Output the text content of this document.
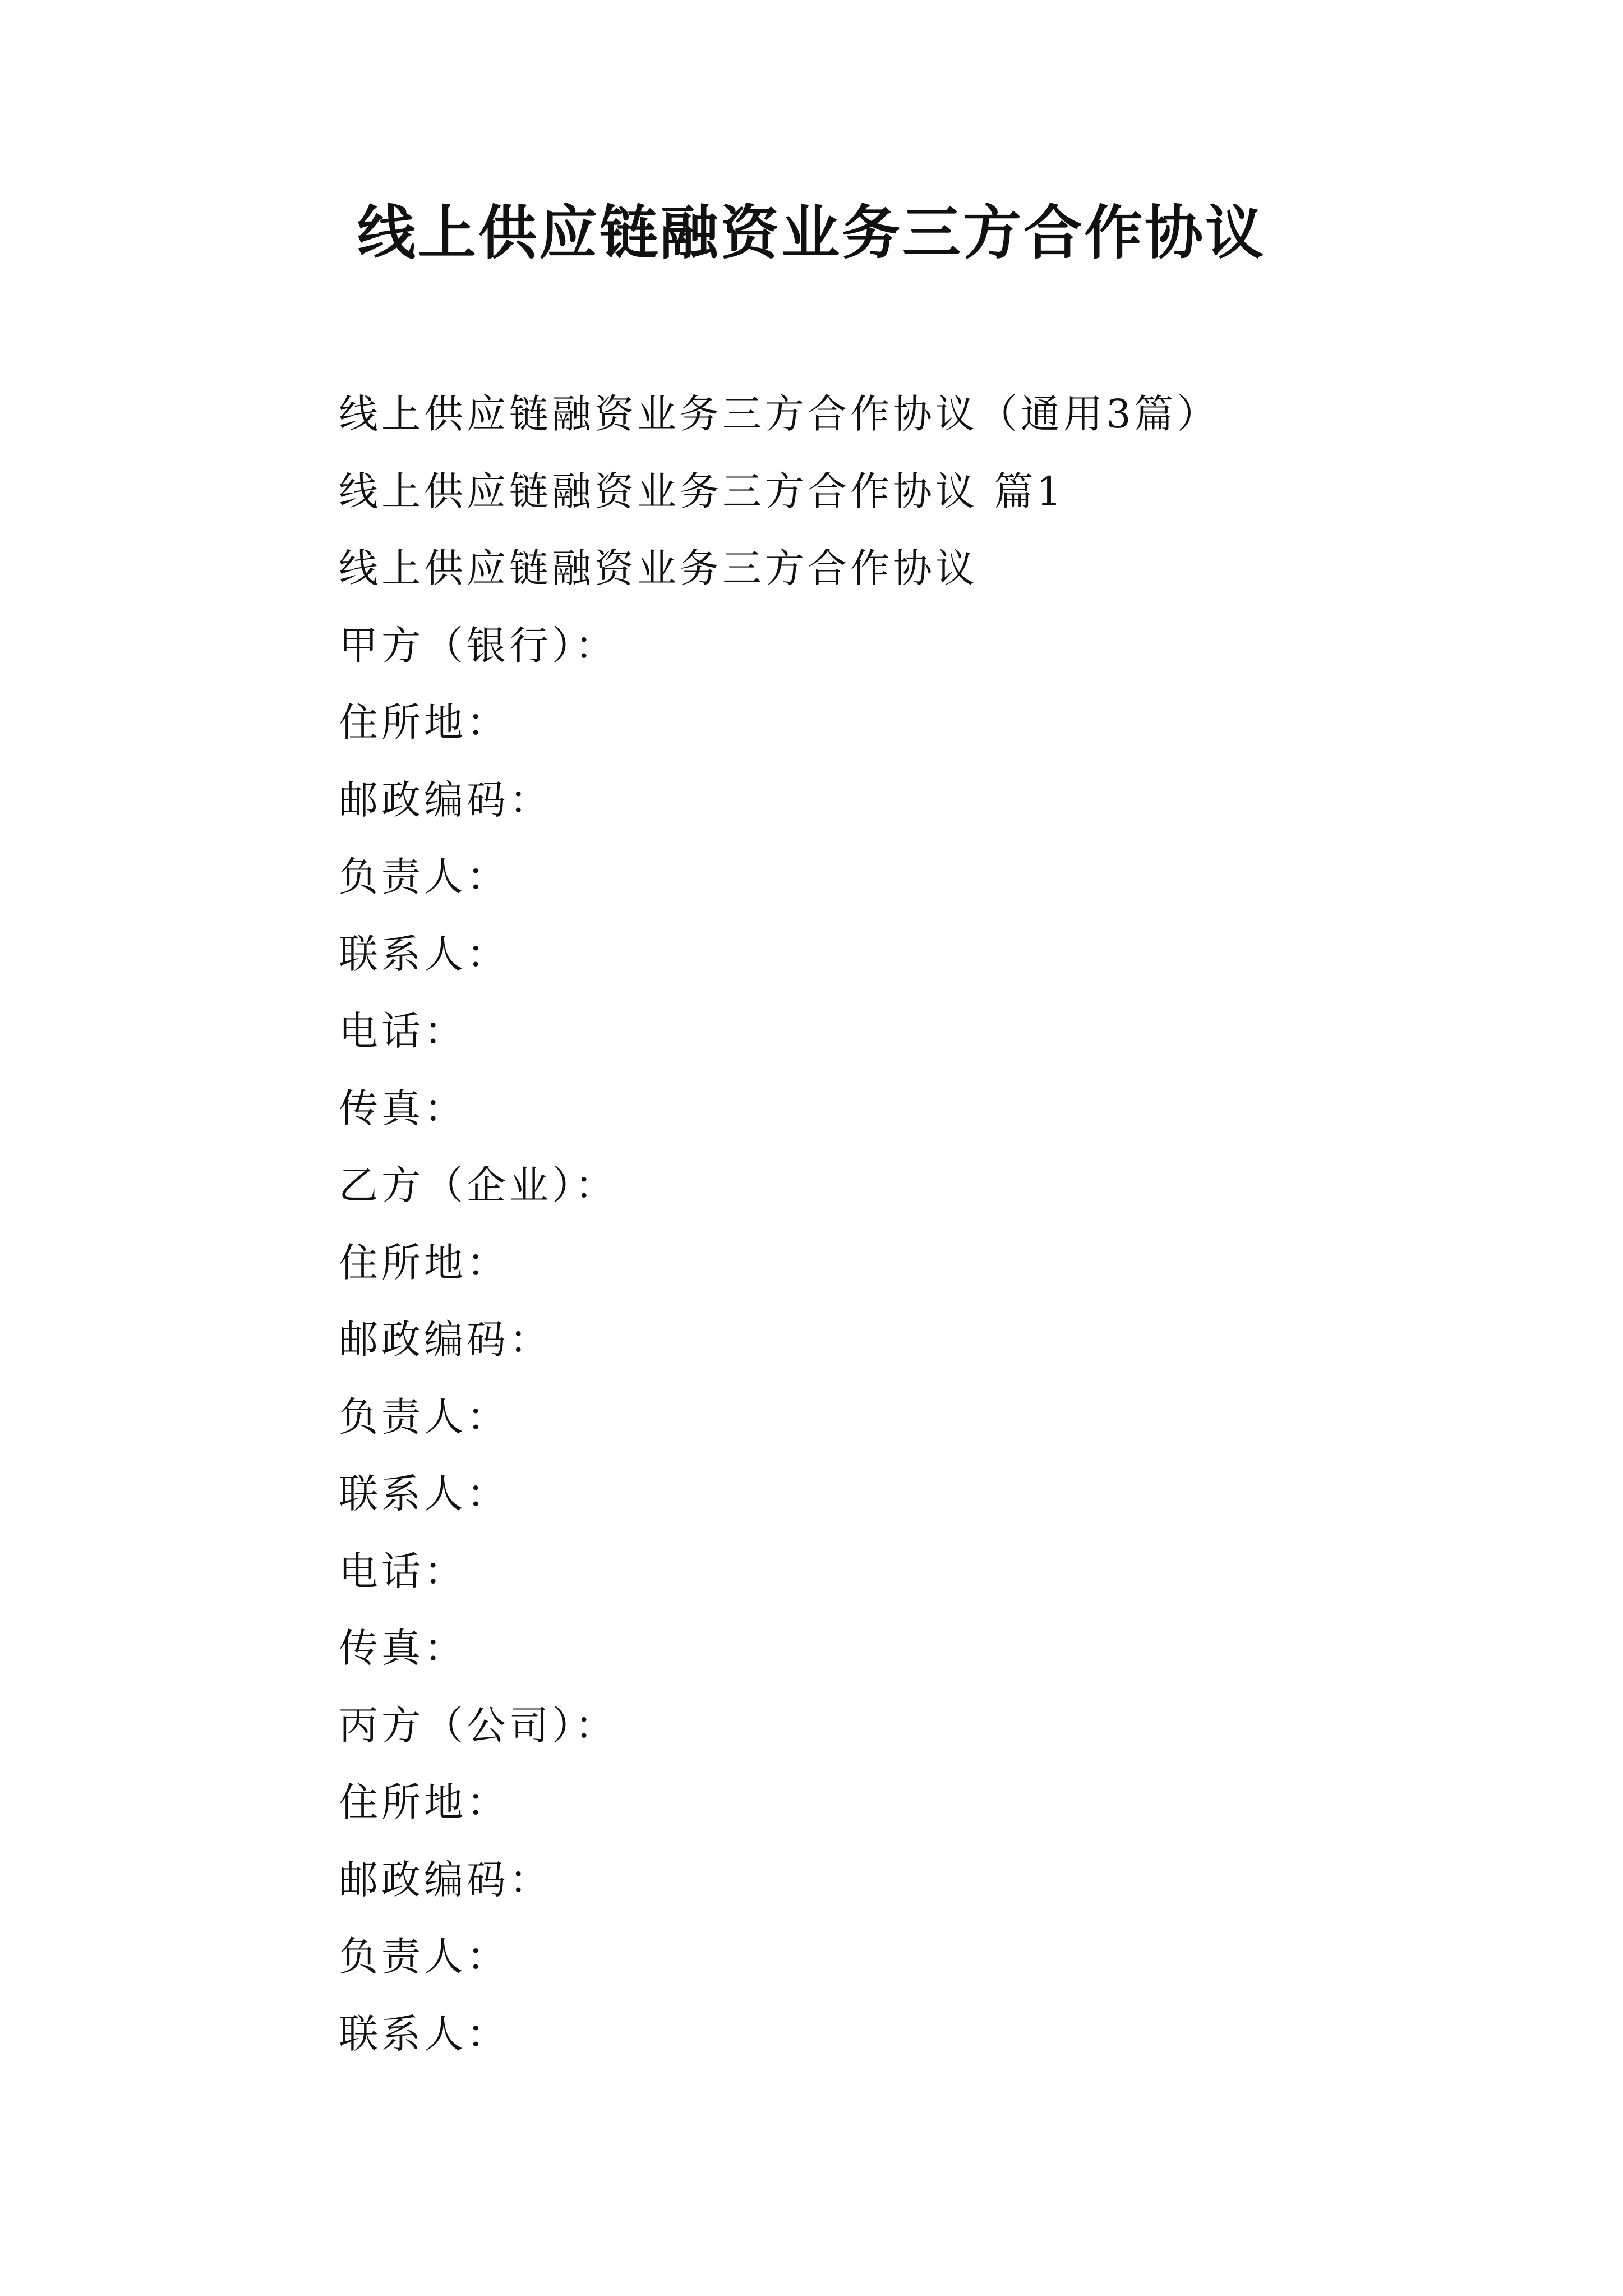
线上供应链融资业务三方合作协议
线上供应链融资业务三方合作协议（通用3篇）
线上供应链融资业务三方合作协议 篇1
线上供应链融资业务三方合作协议
甲方（银行）：
住所地：
邮政编码：
负责人：
联系人：
电话：
传真：
乙方（企业）：
住所地：
邮政编码：
负责人：
联系人：
电话：
传真：
丙方（公司）：
住所地：
邮政编码：
负责人：
联系人：
